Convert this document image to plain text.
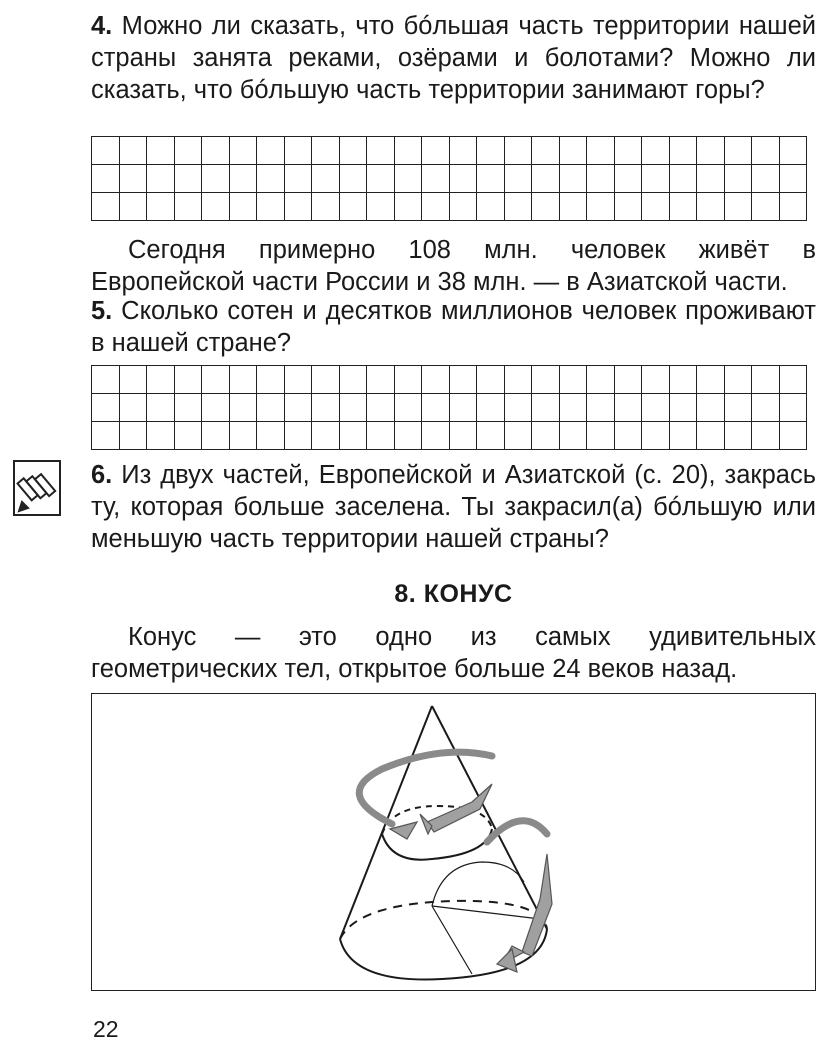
4. Можно ли сказать, что бóльшая часть территории нашей страны занята реками, озёрами и болотами? Можно ли сказать, что бóльшую часть территории занимают горы?

Сегодня примерно 108 млн. человек живёт в Европейской части России и 38 млн. — в Азиатской части.

5. Сколько сотен и десятков миллионов человек проживают в нашей стране?

6. Из двух частей, Европейской и Азиатской (с. 20), закрась ту, которая больше заселена. Ты закрасил(а) бóльшую или меньшую часть территории нашей страны?

8. КОНУС

Конус — это одно из самых удивительных геометрических тел, открытое больше 24 веков назад.

22
